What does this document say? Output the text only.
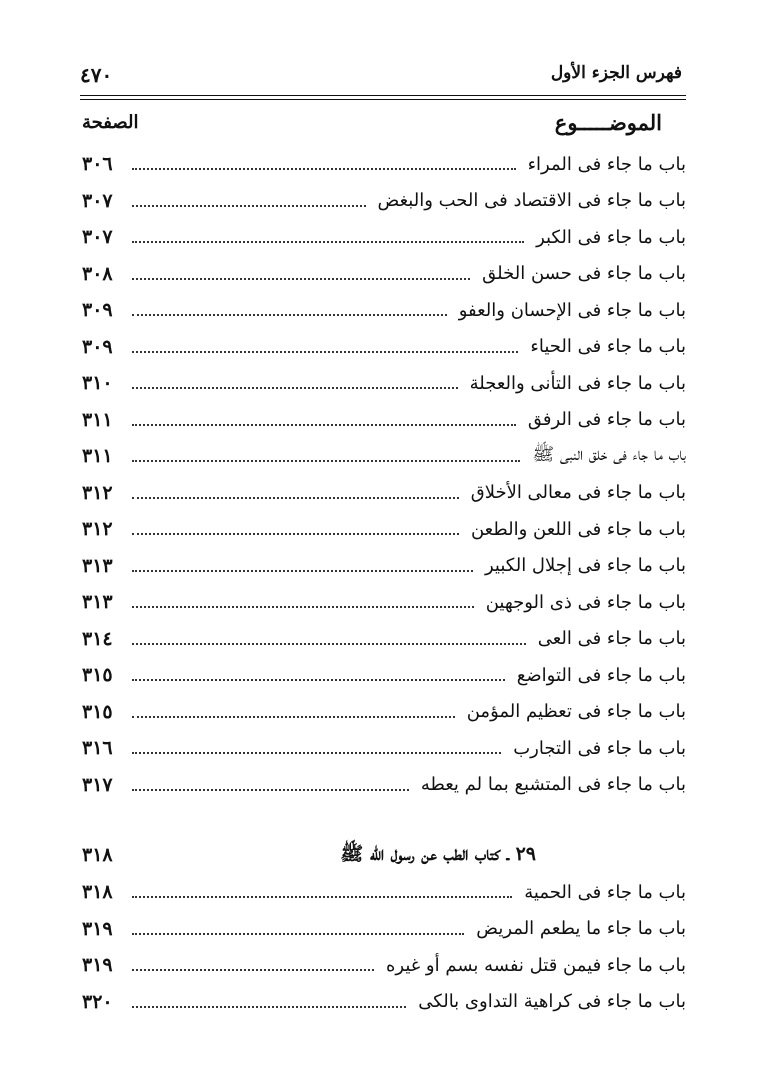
٤٧٠	فهرس الجزء الأول
الموضـــــوع
الصفحة
باب ما جاء فى المراء
٣٠٦
باب ما جاء فى الاقتصاد فى الحب والبغض
٣٠٧
باب ما جاء فى الكبر
٣٠٧
باب ما جاء فى حسن الخلق
٣٠٨
باب ما جاء فى الإحسان والعفو
٣٠٩
باب ما جاء فى الحياء
٣٠٩
باب ما جاء فى التأنى والعجلة
٣١٠
باب ما جاء فى الرفق
٣١١
باب ما جاء فى خلق النبى ﷺ
٣١١
باب ما جاء فى معالى الأخلاق
٣١٢
باب ما جاء فى اللعن والطعن
٣١٢
باب ما جاء فى إجلال الكبير
٣١٣
باب ما جاء فى ذى الوجهين
٣١٣
باب ما جاء فى العى
٣١٤
باب ما جاء فى التواضع
٣١٥
باب ما جاء فى تعظيم المؤمن
٣١٥
باب ما جاء فى التجارب
٣١٦
باب ما جاء فى المتشبع بما لم يعطه
٣١٧
٢٩ ـ كتاب الطب عن رسول الله ﷺ
٣١٨
باب ما جاء فى الحمية
٣١٨
باب ما جاء ما يطعم المريض
٣١٩
باب ما جاء فيمن قتل نفسه بسم أو غيره
٣١٩
باب ما جاء فى كراهية التداوى بالكى
٣٢٠
